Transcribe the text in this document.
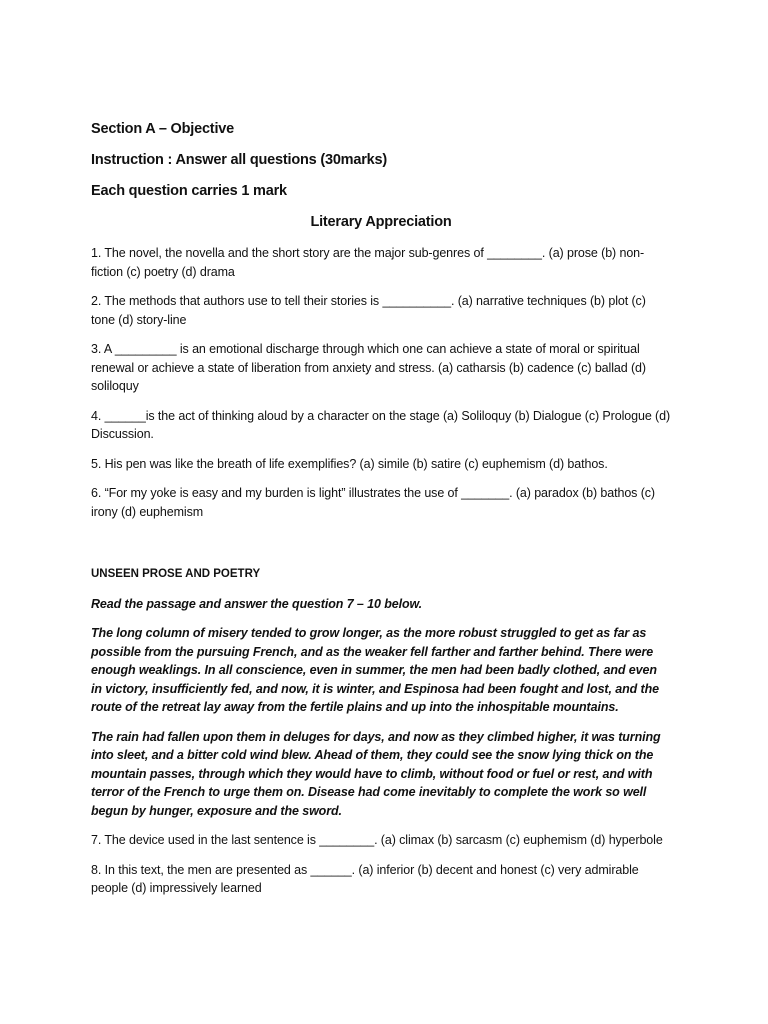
Section A – Objective
Instruction : Answer all questions (30marks)
Each question carries 1 mark
Literary Appreciation

1. The novel, the novella and the short story are the major sub-genres of ________. (a) prose (b) non-fiction (c) poetry (d) drama

2. The methods that authors use to tell their stories is __________. (a) narrative techniques (b) plot (c) tone (d) story-line

3. A _________ is an emotional discharge through which one can achieve a state of moral or spiritual renewal or achieve a state of liberation from anxiety and stress. (a) catharsis (b) cadence (c) ballad (d) soliloquy

4. ______is the act of thinking aloud by a character on the stage (a) Soliloquy (b) Dialogue (c) Prologue (d) Discussion.

5. His pen was like the breath of life exemplifies? (a) simile (b) satire (c) euphemism (d) bathos.

6. “For my yoke is easy and my burden is light” illustrates the use of _______. (a) paradox (b) bathos (c) irony (d) euphemism

UNSEEN PROSE AND POETRY

Read the passage and answer the question 7 – 10 below.

The long column of misery tended to grow longer, as the more robust struggled to get as far as possible from the pursuing French, and as the weaker fell farther and farther behind. There were enough weaklings. In all conscience, even in summer, the men had been badly clothed, and even in victory, insufficiently fed, and now, it is winter, and Espinosa had been fought and lost, and the route of the retreat lay away from the fertile plains and up into the inhospitable mountains.

The rain had fallen upon them in deluges for days, and now as they climbed higher, it was turning into sleet, and a bitter cold wind blew. Ahead of them, they could see the snow lying thick on the mountain passes, through which they would have to climb, without food or fuel or rest, and with terror of the French to urge them on. Disease had come inevitably to complete the work so well begun by hunger, exposure and the sword.

7. The device used in the last sentence is ________. (a) climax (b) sarcasm (c) euphemism (d) hyperbole

8. In this text, the men are presented as ______. (a) inferior (b) decent and honest (c) very admirable people (d) impressively learned
